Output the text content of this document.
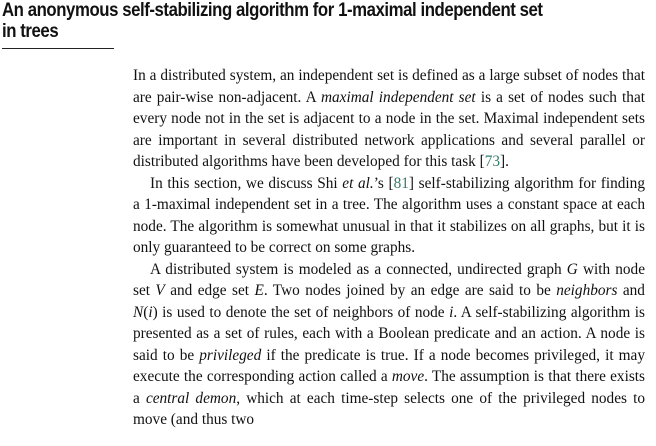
An anonymous self-stabilizing algorithm for 1-maximal independent set
in trees

In a distributed system, an independent set is defined as a large subset of nodes that are pair-wise non-adjacent. A maximal independent set is a set of nodes such that every node not in the set is adjacent to a node in the set. Maximal independent sets are important in several distributed network applications and several parallel or distributed algorithms have been developed for this task [73].

In this section, we discuss Shi et al.’s [81] self-stabilizing algorithm for finding a 1-maximal independent set in a tree. The algorithm uses a constant space at each node. The algorithm is somewhat unusual in that it stabilizes on all graphs, but it is only guaranteed to be correct on some graphs.

A distributed system is modeled as a connected, undirected graph G with node set V and edge set E. Two nodes joined by an edge are said to be neighbors and N(i) is used to denote the set of neighbors of node i. A self-stabilizing algorithm is presented as a set of rules, each with a Boolean predicate and an action. A node is said to be privileged if the predicate is true. If a node becomes privileged, it may execute the corresponding action called a move. The assumption is that there exists a central demon, which at each time-step selects one of the privileged nodes to move (and thus two
